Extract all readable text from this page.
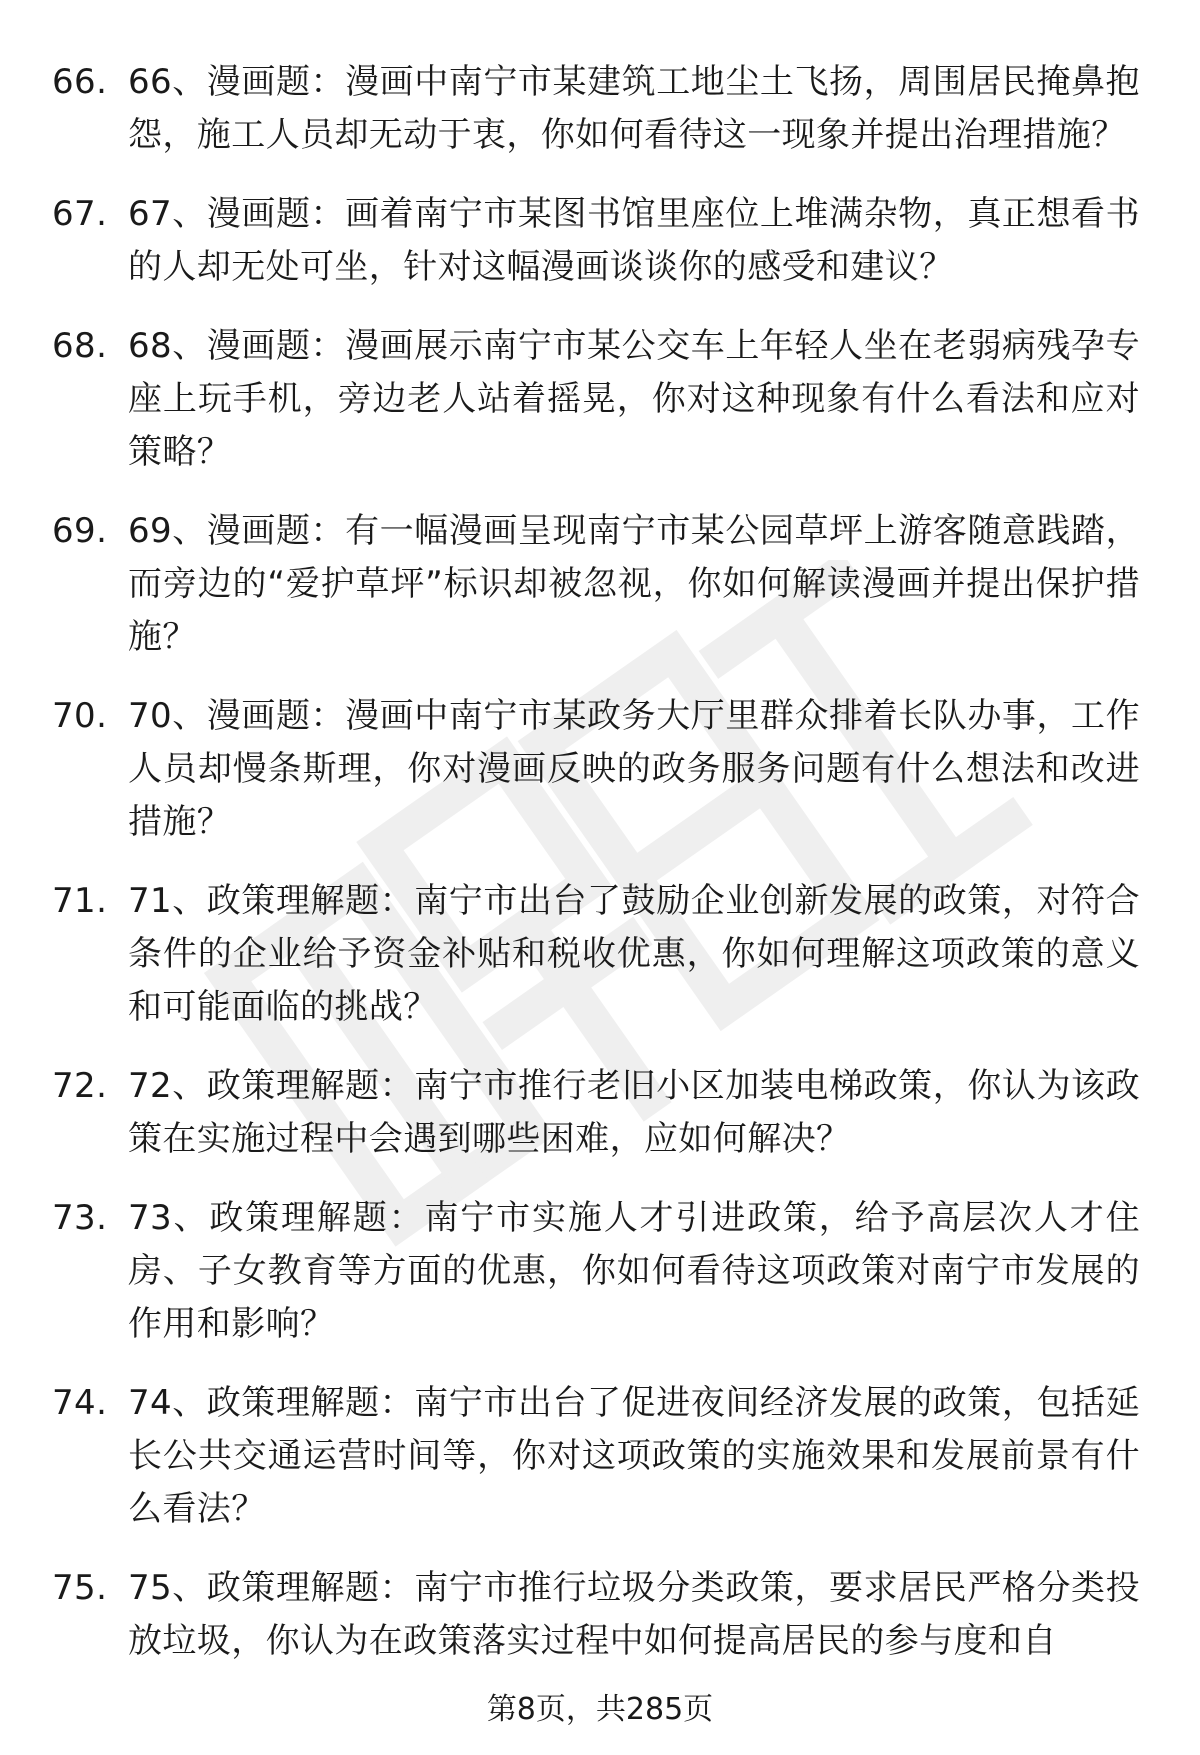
66. 66、漫画题：漫画中南宁市某建筑工地尘土飞扬，周围居民掩鼻抱怨，施工人员却无动于衷，你如何看待这一现象并提出治理措施？
67. 67、漫画题：画着南宁市某图书馆里座位上堆满杂物，真正想看书的人却无处可坐，针对这幅漫画谈谈你的感受和建议？
68. 68、漫画题：漫画展示南宁市某公交车上年轻人坐在老弱病残孕专座上玩手机，旁边老人站着摇晃，你对这种现象有什么看法和应对策略？
69. 69、漫画题：有一幅漫画呈现南宁市某公园草坪上游客随意践踏，而旁边的“爱护草坪”标识却被忽视，你如何解读漫画并提出保护措施？
70. 70、漫画题：漫画中南宁市某政务大厅里群众排着长队办事，工作人员却慢条斯理，你对漫画反映的政务服务问题有什么想法和改进措施？
71. 71、政策理解题：南宁市出台了鼓励企业创新发展的政策，对符合条件的企业给予资金补贴和税收优惠，你如何理解这项政策的意义和可能面临的挑战？
72. 72、政策理解题：南宁市推行老旧小区加装电梯政策，你认为该政策在实施过程中会遇到哪些困难，应如何解决？
73. 73、政策理解题：南宁市实施人才引进政策，给予高层次人才住房、子女教育等方面的优惠，你如何看待这项政策对南宁市发展的作用和影响？
74. 74、政策理解题：南宁市出台了促进夜间经济发展的政策，包括延长公共交通运营时间等，你对这项政策的实施效果和发展前景有什么看法？
75. 75、政策理解题：南宁市推行垃圾分类政策，要求居民严格分类投放垃圾，你认为在政策落实过程中如何提高居民的参与度和自
第8页，共285页
